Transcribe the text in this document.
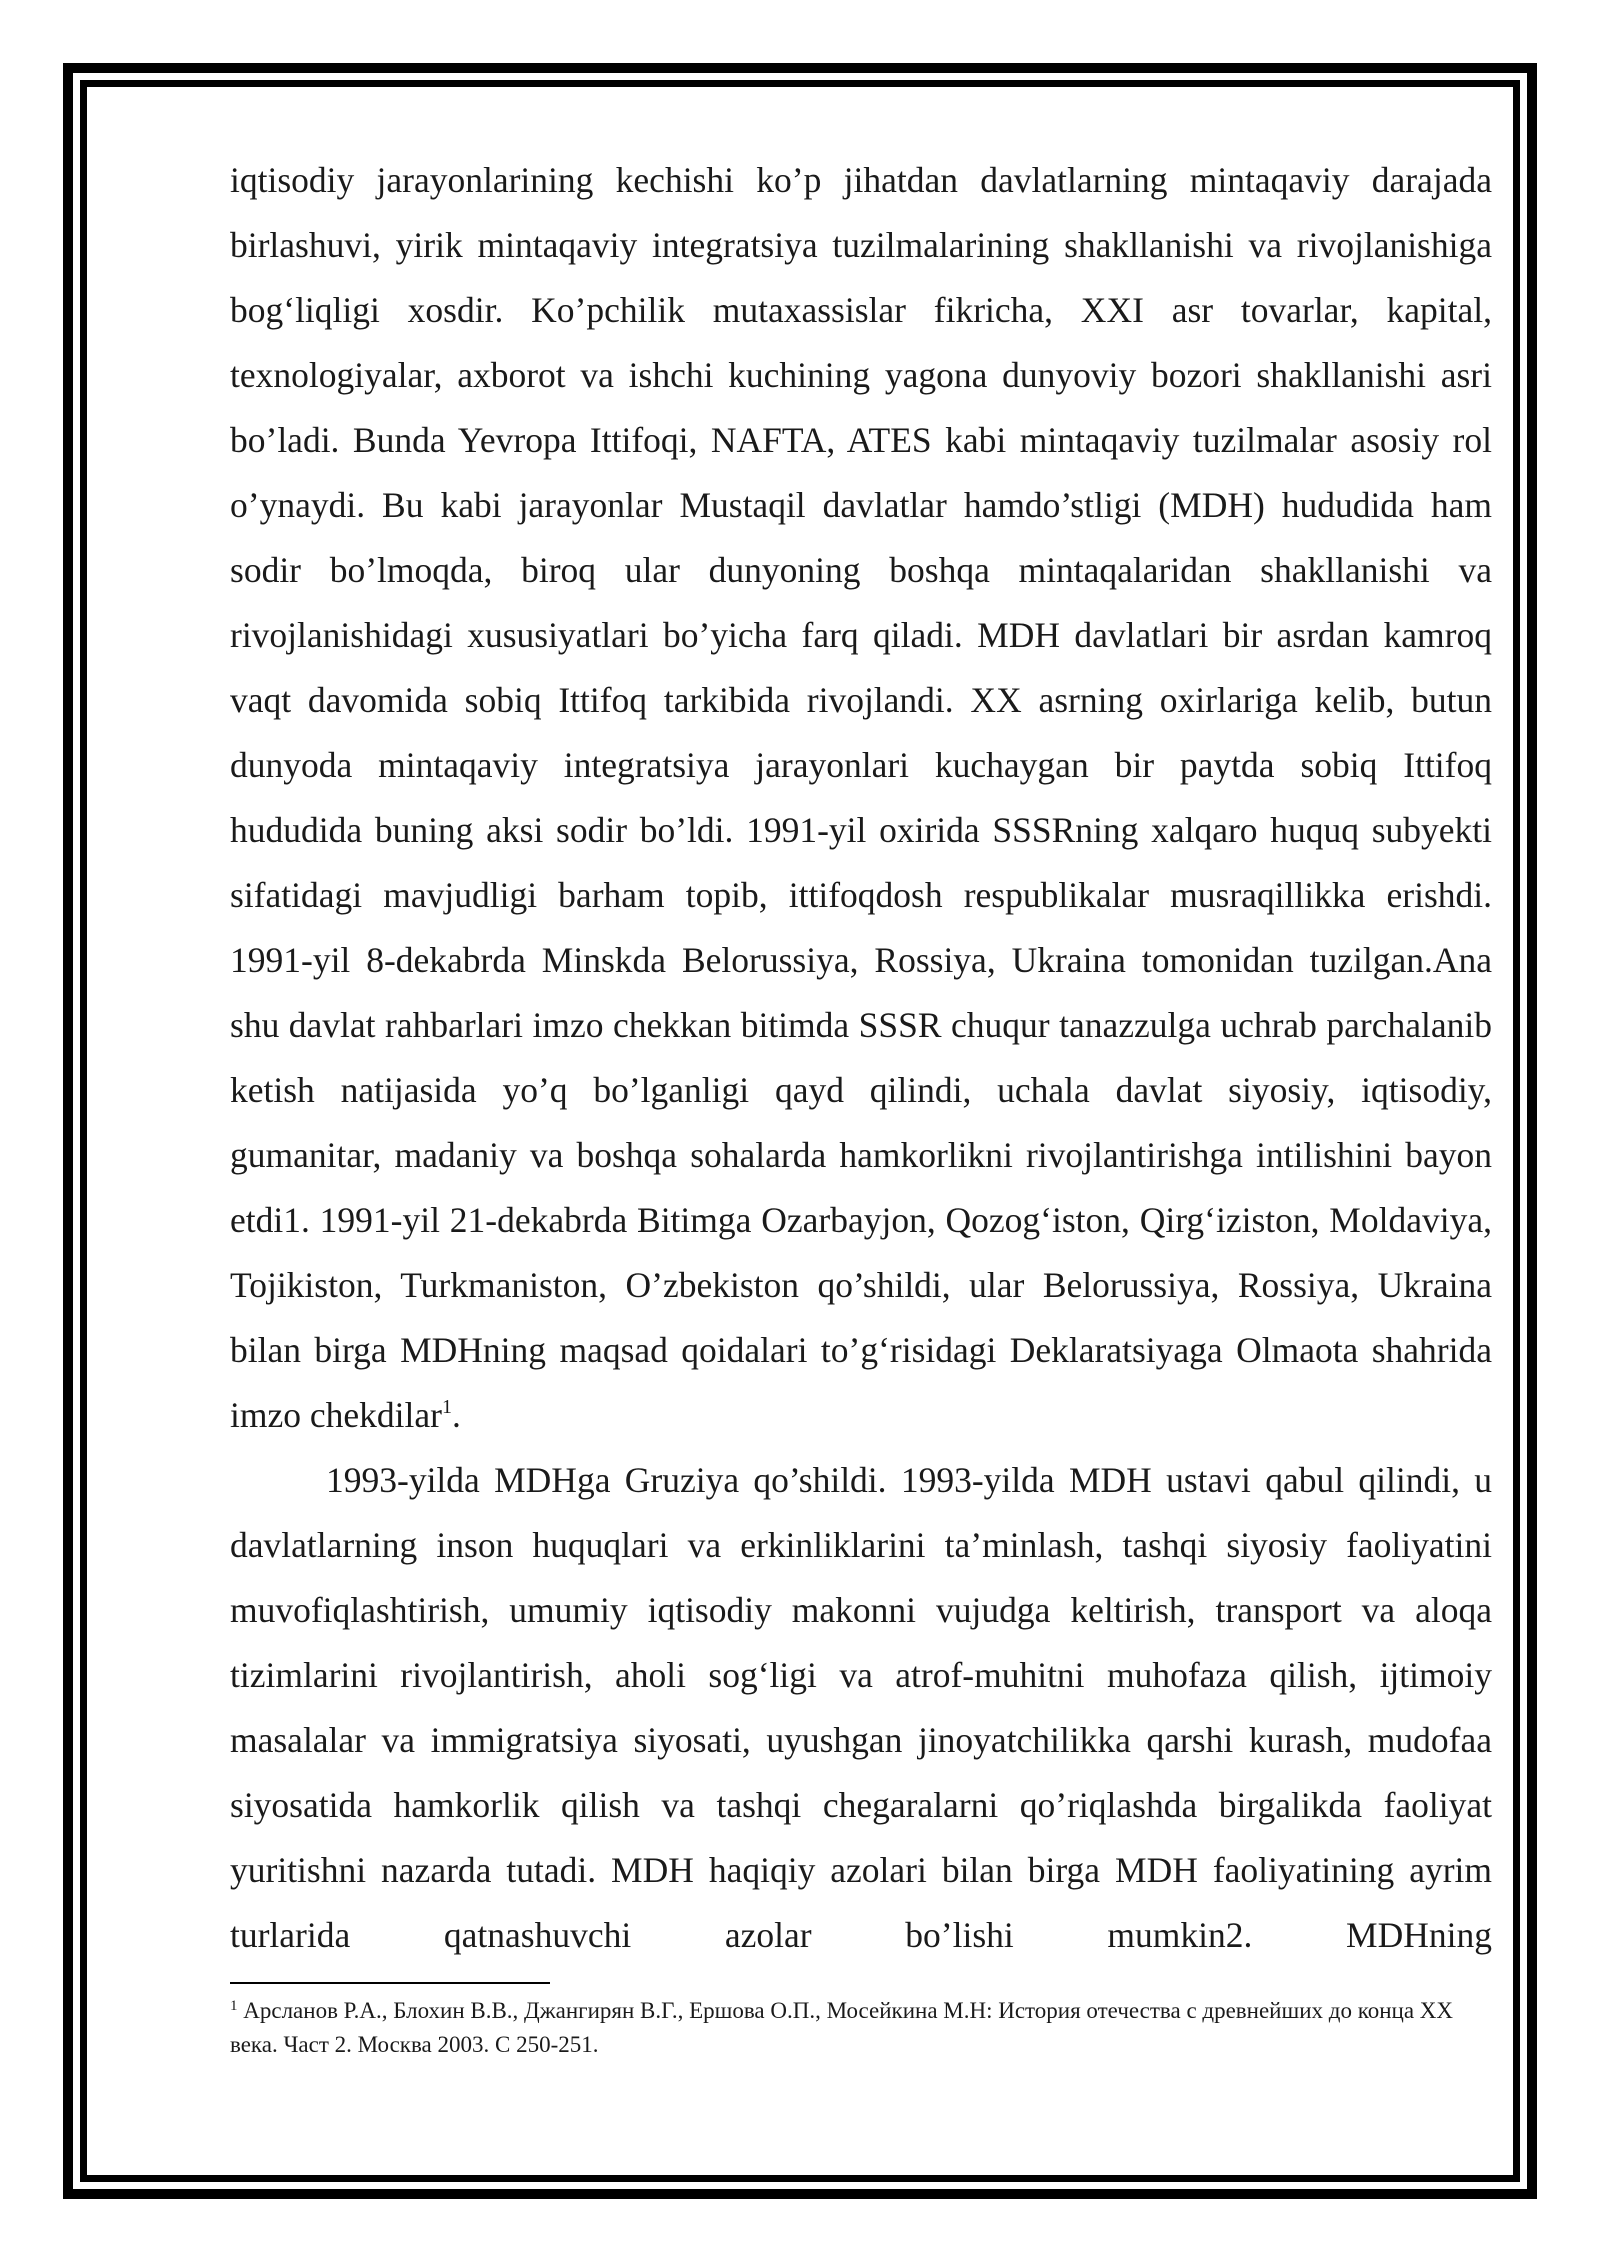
iqtisodiy jarayonlarining kechishi ko’p jihatdan davlatlarning mintaqaviy darajada birlashuvi, yirik mintaqaviy integratsiya tuzilmalarining shakllanishi va rivojlanishiga bog‘liqligi xosdir. Ko’pchilik mutaxassislar fikricha, XXI asr tovarlar, kapital, texnologiyalar, axborot va ishchi kuchining yagona dunyoviy bozori shakllanishi asri bo’ladi. Bunda Yevropa Ittifoqi, NAFTA, ATES kabi mintaqaviy tuzilmalar asosiy rol o’ynaydi. Bu kabi jarayonlar Mustaqil davlatlar hamdo’stligi (MDH) hududida ham sodir bo’lmoqda, biroq ular dunyoning boshqa mintaqalaridan shakllanishi va rivojlanishidagi xususiyatlari bo’yicha farq qiladi. MDH davlatlari bir asrdan kamroq vaqt davomida sobiq Ittifoq tarkibida rivojlandi. XX asrning oxirlariga kelib, butun dunyoda mintaqaviy integratsiya jarayonlari kuchaygan bir paytda sobiq Ittifoq hududida buning aksi sodir bo’ldi. 1991-yil oxirida SSSRning xalqaro huquq subyekti sifatidagi mavjudligi barham topib, ittifoqdosh respublikalar musraqillikka erishdi. 1991-yil 8-dekabrda Minskda Belorussiya, Rossiya, Ukraina tomonidan tuzilgan.Ana shu davlat rahbarlari imzo chekkan bitimda SSSR chuqur tanazzulga uchrab parchalanib ketish natijasida yo’q bo’lganligi qayd qilindi, uchala davlat siyosiy, iqtisodiy, gumanitar, madaniy va boshqa sohalarda hamkorlikni rivojlantirishga intilishini bayon etdi1. 1991-yil 21-dekabrda Bitimga Ozarbayjon, Qozog‘iston, Qirg‘iziston, Moldaviya, Tojikiston, Turkmaniston, O’zbekiston qo’shildi, ular Belorussiya, Rossiya, Ukraina bilan birga MDHning maqsad qoidalari to’g‘risidagi Deklaratsiyaga Olmaota shahrida imzo chekdilar$^1$.

1993-yilda MDHga Gruziya qo’shildi. 1993-yilda MDH ustavi qabul qilindi, u davlatlarning inson huquqlari va erkinliklarini ta’minlash, tashqi siyosiy faoliyatini muvofiqlashtirish, umumiy iqtisodiy makonni vujudga keltirish, transport va aloqa tizimlarini rivojlantirish, aholi sog‘ligi va atrof-muhitni muhofaza qilish, ijtimoiy masalalar va immigratsiya siyosati, uyushgan jinoyatchilikka qarshi kurash, mudofaa siyosatida hamkorlik qilish va tashqi chegaralarni qo’riqlashda birgalikda faoliyat yuritishni nazarda tutadi. MDH haqiqiy azolari bilan birga MDH faoliyatining ayrim turlarida qatnashuvchi azolar bo’lishi mumkin2. MDHning

$^1$ Арсланов Р.А., Блохин В.В., Джангирян В.Г., Ершова О.П., Мосейкина М.Н: История отечества с древнейших до конца ХХ века. Част 2. Москва 2003. С 250-251.
